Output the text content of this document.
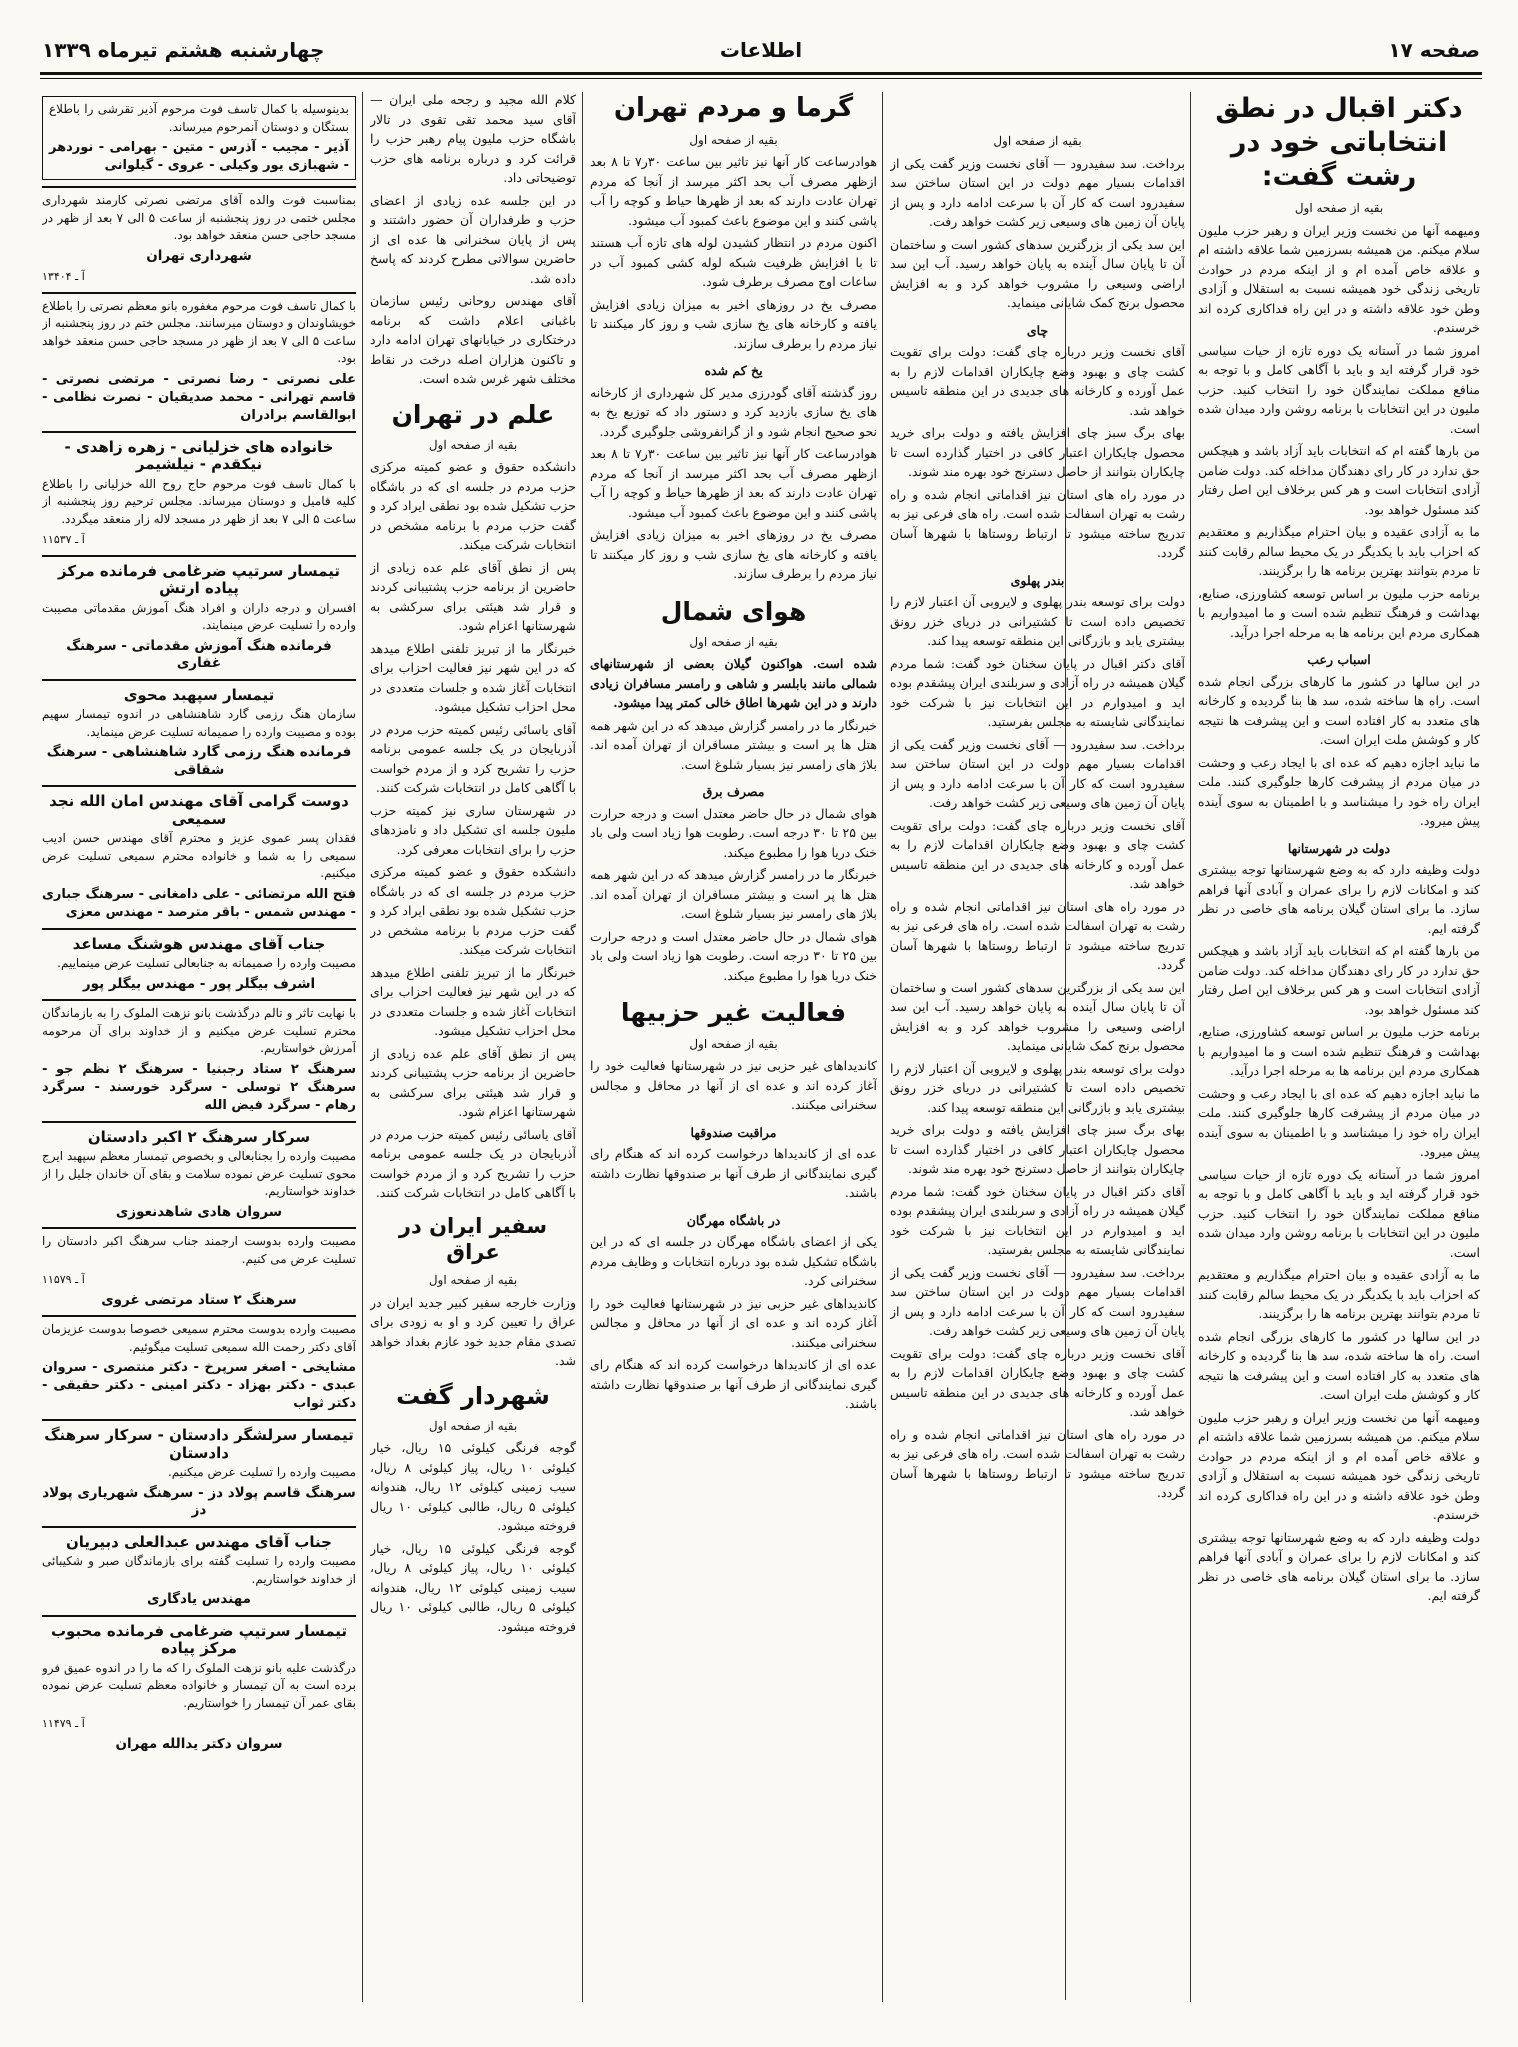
صفحه ۱۷
اطلاعات
چهارشنبه هشتم تیرماه ۱۳۳۹
دکتر اقبال در نطق انتخاباتی خود در رشت گفت:
بقیه از صفحه اول

ومیهمه آنها من نخست وزیر ایران و رهبر حزب ملیون سلام میکنم. من همیشه بسرزمین شما علاقه داشته ام و علاقه خاص آمده ام و از اینکه مردم در حوادث تاریخی زندگی خود همیشه نسبت به استقلال و آزادی وطن خود علاقه داشته و در این راه فداکاری کرده اند خرسندم.

امروز شما در آستانه یک دوره تازه از حیات سیاسی خود قرار گرفته اید و باید با آگاهی کامل و با توجه به منافع مملکت نمایندگان خود را انتخاب کنید. حزب ملیون در این انتخابات با برنامه روشن وارد میدان شده است.

من بارها گفته ام که انتخابات باید آزاد باشد و هیچکس حق ندارد در کار رای دهندگان مداخله کند. دولت ضامن آزادی انتخابات است و هر کس برخلاف این اصل رفتار کند مسئول خواهد بود.

ما به آزادی عقیده و بیان احترام میگذاریم و معتقدیم که احزاب باید با یکدیگر در یک محیط سالم رقابت کنند تا مردم بتوانند بهترین برنامه ها را برگزینند.

برنامه حزب ملیون بر اساس توسعه کشاورزی، صنایع، بهداشت و فرهنگ تنظیم شده است و ما امیدواریم با همکاری مردم این برنامه ها به مرحله اجرا درآید.

اسباب رعب

در این سالها در کشور ما کارهای بزرگی انجام شده است. راه ها ساخته شده، سد ها بنا گردیده و کارخانه های متعدد به کار افتاده است و این پیشرفت ها نتیجه کار و کوشش ملت ایران است.

ما نباید اجازه دهیم که عده ای با ایجاد رعب و وحشت در میان مردم از پیشرفت کارها جلوگیری کنند. ملت ایران راه خود را میشناسد و با اطمینان به سوی آینده پیش میرود.

دولت در شهرستانها

دولت وظیفه دارد که به وضع شهرستانها توجه بیشتری کند و امکانات لازم را برای عمران و آبادی آنها فراهم سازد. ما برای استان گیلان برنامه های خاصی در نظر گرفته ایم.

من بارها گفته ام که انتخابات باید آزاد باشد و هیچکس حق ندارد در کار رای دهندگان مداخله کند. دولت ضامن آزادی انتخابات است و هر کس برخلاف این اصل رفتار کند مسئول خواهد بود.

برنامه حزب ملیون بر اساس توسعه کشاورزی، صنایع، بهداشت و فرهنگ تنظیم شده است و ما امیدواریم با همکاری مردم این برنامه ها به مرحله اجرا درآید.

ما نباید اجازه دهیم که عده ای با ایجاد رعب و وحشت در میان مردم از پیشرفت کارها جلوگیری کنند. ملت ایران راه خود را میشناسد و با اطمینان به سوی آینده پیش میرود.

امروز شما در آستانه یک دوره تازه از حیات سیاسی خود قرار گرفته اید و باید با آگاهی کامل و با توجه به منافع مملکت نمایندگان خود را انتخاب کنید. حزب ملیون در این انتخابات با برنامه روشن وارد میدان شده است.

ما به آزادی عقیده و بیان احترام میگذاریم و معتقدیم که احزاب باید با یکدیگر در یک محیط سالم رقابت کنند تا مردم بتوانند بهترین برنامه ها را برگزینند.

در این سالها در کشور ما کارهای بزرگی انجام شده است. راه ها ساخته شده، سد ها بنا گردیده و کارخانه های متعدد به کار افتاده است و این پیشرفت ها نتیجه کار و کوشش ملت ایران است.

ومیهمه آنها من نخست وزیر ایران و رهبر حزب ملیون سلام میکنم. من همیشه بسرزمین شما علاقه داشته ام و علاقه خاص آمده ام و از اینکه مردم در حوادث تاریخی زندگی خود همیشه نسبت به استقلال و آزادی وطن خود علاقه داشته و در این راه فداکاری کرده اند خرسندم.

دولت وظیفه دارد که به وضع شهرستانها توجه بیشتری کند و امکانات لازم را برای عمران و آبادی آنها فراهم سازد. ما برای استان گیلان برنامه های خاصی در نظر گرفته ایم.

بقیه از صفحه اول

برداخت. سد سفیدرود — آقای نخست وزیر گفت یکی از اقدامات بسیار مهم دولت در این استان ساختن سد سفیدرود است که کار آن با سرعت ادامه دارد و پس از پایان آن زمین های وسیعی زیر کشت خواهد رفت.

این سد یکی از بزرگترین سدهای کشور است و ساختمان آن تا پایان سال آینده به پایان خواهد رسید. آب این سد اراضی وسیعی را مشروب خواهد کرد و به افزایش محصول برنج کمک شایانی مینماید.

چای

آقای نخست وزیر درباره چای گفت: دولت برای تقویت کشت چای و بهبود وضع چایکاران اقدامات لازم را به عمل آورده و کارخانه های جدیدی در این منطقه تاسیس خواهد شد.

بهای برگ سبز چای افزایش یافته و دولت برای خرید محصول چایکاران اعتبار کافی در اختیار گذارده است تا چایکاران بتوانند از حاصل دسترنج خود بهره مند شوند.

در مورد راه های استان نیز اقداماتی انجام شده و راه رشت به تهران اسفالت شده است. راه های فرعی نیز به تدریج ساخته میشود تا ارتباط روستاها با شهرها آسان گردد.

بندر پهلوی

دولت برای توسعه بندر پهلوی و لایروبی آن اعتبار لازم را تخصیص داده است تا کشتیرانی در دریای خزر رونق بیشتری یابد و بازرگانی این منطقه توسعه پیدا کند.

آقای دکتر اقبال در پایان سخنان خود گفت: شما مردم گیلان همیشه در راه آزادی و سربلندی ایران پیشقدم بوده اید و امیدوارم در این انتخابات نیز با شرکت خود نمایندگانی شایسته به مجلس بفرستید.

برداخت. سد سفیدرود — آقای نخست وزیر گفت یکی از اقدامات بسیار مهم دولت در این استان ساختن سد سفیدرود است که کار آن با سرعت ادامه دارد و پس از پایان آن زمین های وسیعی زیر کشت خواهد رفت.

آقای نخست وزیر درباره چای گفت: دولت برای تقویت کشت چای و بهبود وضع چایکاران اقدامات لازم را به عمل آورده و کارخانه های جدیدی در این منطقه تاسیس خواهد شد.

در مورد راه های استان نیز اقداماتی انجام شده و راه رشت به تهران اسفالت شده است. راه های فرعی نیز به تدریج ساخته میشود تا ارتباط روستاها با شهرها آسان گردد.

این سد یکی از بزرگترین سدهای کشور است و ساختمان آن تا پایان سال آینده به پایان خواهد رسید. آب این سد اراضی وسیعی را مشروب خواهد کرد و به افزایش محصول برنج کمک شایانی مینماید.

دولت برای توسعه بندر پهلوی و لایروبی آن اعتبار لازم را تخصیص داده است تا کشتیرانی در دریای خزر رونق بیشتری یابد و بازرگانی این منطقه توسعه پیدا کند.

بهای برگ سبز چای افزایش یافته و دولت برای خرید محصول چایکاران اعتبار کافی در اختیار گذارده است تا چایکاران بتوانند از حاصل دسترنج خود بهره مند شوند.

آقای دکتر اقبال در پایان سخنان خود گفت: شما مردم گیلان همیشه در راه آزادی و سربلندی ایران پیشقدم بوده اید و امیدوارم در این انتخابات نیز با شرکت خود نمایندگانی شایسته به مجلس بفرستید.

برداخت. سد سفیدرود — آقای نخست وزیر گفت یکی از اقدامات بسیار مهم دولت در این استان ساختن سد سفیدرود است که کار آن با سرعت ادامه دارد و پس از پایان آن زمین های وسیعی زیر کشت خواهد رفت.

آقای نخست وزیر درباره چای گفت: دولت برای تقویت کشت چای و بهبود وضع چایکاران اقدامات لازم را به عمل آورده و کارخانه های جدیدی در این منطقه تاسیس خواهد شد.

در مورد راه های استان نیز اقداماتی انجام شده و راه رشت به تهران اسفالت شده است. راه های فرعی نیز به تدریج ساخته میشود تا ارتباط روستاها با شهرها آسان گردد.

گرما و مردم تهران
بقیه از صفحه اول

هوادرساعت کار آنها نیز تاثیر بین ساعت ۳۰ر۷ تا ۸ بعد ازظهر مصرف آب بحد اکثر میرسد از آنجا که مردم تهران عادت دارند که بعد از ظهرها حیاط و کوچه را آب پاشی کنند و این موضوع باعث کمبود آب میشود.

اکنون مردم در انتظار کشیدن لوله های تازه آب هستند تا با افزایش ظرفیت شبکه لوله کشی کمبود آب در ساعات اوج مصرف برطرف شود.

مصرف یخ در روزهای اخیر به میزان زیادی افزایش یافته و کارخانه های یخ سازی شب و روز کار میکنند تا نیاز مردم را برطرف سازند.

یخ کم شده

روز گذشته آقای گودرزی مدیر کل شهرداری از کارخانه های یخ سازی بازدید کرد و دستور داد که توزیع یخ به نحو صحیح انجام شود و از گرانفروشی جلوگیری گردد.

هوادرساعت کار آنها نیز تاثیر بین ساعت ۳۰ر۷ تا ۸ بعد ازظهر مصرف آب بحد اکثر میرسد از آنجا که مردم تهران عادت دارند که بعد از ظهرها حیاط و کوچه را آب پاشی کنند و این موضوع باعث کمبود آب میشود.

مصرف یخ در روزهای اخیر به میزان زیادی افزایش یافته و کارخانه های یخ سازی شب و روز کار میکنند تا نیاز مردم را برطرف سازند.

هوای شمال
بقیه از صفحه اول

شده است. هواکنون گیلان بعضی از شهرستانهای شمالی مانند بابلسر و شاهی و رامسر مسافران زیادی دارند و در این شهرها اطاق خالی کمتر پیدا میشود.

خبرنگار ما در رامسر گزارش میدهد که در این شهر همه هتل ها پر است و بیشتر مسافران از تهران آمده اند. بلاژ های رامسر نیز بسیار شلوغ است.

مصرف برق

هوای شمال در حال حاضر معتدل است و درجه حرارت بین ۲۵ تا ۳۰ درجه است. رطوبت هوا زیاد است ولی باد خنک دریا هوا را مطبوع میکند.

خبرنگار ما در رامسر گزارش میدهد که در این شهر همه هتل ها پر است و بیشتر مسافران از تهران آمده اند. بلاژ های رامسر نیز بسیار شلوغ است.

هوای شمال در حال حاضر معتدل است و درجه حرارت بین ۲۵ تا ۳۰ درجه است. رطوبت هوا زیاد است ولی باد خنک دریا هوا را مطبوع میکند.

فعالیت غیر حزبیها
بقیه از صفحه اول

کاندیداهای غیر حزبی نیز در شهرستانها فعالیت خود را آغاز کرده اند و عده ای از آنها در محافل و مجالس سخنرانی میکنند.

مراقبت صندوقها

عده ای از کاندیداها درخواست کرده اند که هنگام رای گیری نمایندگانی از طرف آنها بر صندوقها نظارت داشته باشند.

در باشگاه مهرگان

یکی از اعضای باشگاه مهرگان در جلسه ای که در این باشگاه تشکیل شده بود درباره انتخابات و وظایف مردم سخنرانی کرد.

کاندیداهای غیر حزبی نیز در شهرستانها فعالیت خود را آغاز کرده اند و عده ای از آنها در محافل و مجالس سخنرانی میکنند.

عده ای از کاندیداها درخواست کرده اند که هنگام رای گیری نمایندگانی از طرف آنها بر صندوقها نظارت داشته باشند.

کلام الله مجید و رجحه ملی ایران — آقای سید محمد تقی تقوی در تالار باشگاه حزب ملیون پیام رهبر حزب را قرائت کرد و درباره برنامه های حزب توضیحاتی داد.

در این جلسه عده زیادی از اعضای حزب و طرفداران آن حضور داشتند و پس از پایان سخنرانی ها عده ای از حاضرین سوالاتی مطرح کردند که پاسخ داده شد.

آقای مهندس روحانی رئیس سازمان باغبانی اعلام داشت که برنامه درختکاری در خیابانهای تهران ادامه دارد و تاکنون هزاران اصله درخت در نقاط مختلف شهر غرس شده است.

علم در تهران
بقیه از صفحه اول

دانشکده حقوق و عضو کمیته مرکزی حزب مردم در جلسه ای که در باشگاه حزب تشکیل شده بود نطقی ایراد کرد و گفت حزب مردم با برنامه مشخص در انتخابات شرکت میکند.

پس از نطق آقای علم عده زیادی از حاضرین از برنامه حزب پشتیبانی کردند و قرار شد هیئتی برای سرکشی به شهرستانها اعزام شود.

خبرنگار ما از تبریز تلفنی اطلاع میدهد که در این شهر نیز فعالیت احزاب برای انتخابات آغاز شده و جلسات متعددی در محل احزاب تشکیل میشود.

آقای یاسائی رئیس کمیته حزب مردم در آذربایجان در یک جلسه عمومی برنامه حزب را تشریح کرد و از مردم خواست با آگاهی کامل در انتخابات شرکت کنند.

در شهرستان ساری نیز کمیته حزب ملیون جلسه ای تشکیل داد و نامزدهای حزب را برای انتخابات معرفی کرد.

دانشکده حقوق و عضو کمیته مرکزی حزب مردم در جلسه ای که در باشگاه حزب تشکیل شده بود نطقی ایراد کرد و گفت حزب مردم با برنامه مشخص در انتخابات شرکت میکند.

خبرنگار ما از تبریز تلفنی اطلاع میدهد که در این شهر نیز فعالیت احزاب برای انتخابات آغاز شده و جلسات متعددی در محل احزاب تشکیل میشود.

پس از نطق آقای علم عده زیادی از حاضرین از برنامه حزب پشتیبانی کردند و قرار شد هیئتی برای سرکشی به شهرستانها اعزام شود.

آقای یاسائی رئیس کمیته حزب مردم در آذربایجان در یک جلسه عمومی برنامه حزب را تشریح کرد و از مردم خواست با آگاهی کامل در انتخابات شرکت کنند.

سفیر ایران در عراق
بقیه از صفحه اول

وزارت خارجه سفیر کبیر جدید ایران در عراق را تعیین کرد و او به زودی برای تصدی مقام جدید خود عازم بغداد خواهد شد.

شهردار گفت
بقیه از صفحه اول

گوجه فرنگی کیلوئی ۱۵ ریال، خیار کیلوئی ۱۰ ریال، پیاز کیلوئی ۸ ریال، سیب زمینی کیلوئی ۱۲ ریال، هندوانه کیلوئی ۵ ریال، طالبی کیلوئی ۱۰ ریال فروخته میشود.

گوجه فرنگی کیلوئی ۱۵ ریال، خیار کیلوئی ۱۰ ریال، پیاز کیلوئی ۸ ریال، سیب زمینی کیلوئی ۱۲ ریال، هندوانه کیلوئی ۵ ریال، طالبی کیلوئی ۱۰ ریال فروخته میشود.

بدینوسیله با کمال تاسف فوت مرحوم آذیر تقرشی را باطلاع بستگان و دوستان آنمرحوم میرساند.

آذیر - مجیب - آذرس - متین - بهرامی - نوردهر - شهبازی یور وکیلی - عروی - گیلوانی

بمناسبت فوت والده آقای مرتضی نصرتی کارمند شهرداری مجلس ختمی در روز پنجشنبه از ساعت ۵ الی ۷ بعد از ظهر در مسجد حاجی حسن منعقد خواهد بود.

شهرداری تهران
آ ـ ۱۳۴۰۴

با کمال تاسف فوت مرحوم مغفوره بانو معظم نصرتی را باطلاع خویشاوندان و دوستان میرسانند. مجلس ختم در روز پنجشنبه از ساعت ۵ الی ۷ بعد از ظهر در مسجد حاجی حسن منعقد خواهد بود.

علی نصرتی - رضا نصرتی - مرتضی نصرتی - قاسم تهرانی - محمد صدیقیان - نصرت نظامی - ابوالقاسم برادران
خانواده های خزلیانی - زهره زاهدی - نیکقدم - نیلشیمر

با کمال تاسف فوت مرحوم حاج روح الله خزلیانی را باطلاع کلیه فامیل و دوستان میرساند. مجلس ترحیم روز پنجشنبه از ساعت ۵ الی ۷ بعد از ظهر در مسجد لاله زار منعقد میگردد.

آ ـ ۱۱۵۳۷
تیمسار سرتیپ ضرغامی فرمانده مرکز پیاده ارتش

افسران و درجه داران و افراد هنگ آموزش مقدماتی مصیبت وارده را تسلیت عرض مینمایند.

فرمانده هنگ آموزش مقدماتی - سرهنگ غفاری
تیمسار سپهبد محوی

سازمان هنگ رزمی گارد شاهنشاهی در اندوه تیمسار سهیم بوده و مصیبت وارده را صمیمانه تسلیت عرض مینماید.

فرمانده هنگ رزمی گارد شاهنشاهی - سرهنگ شقاقی
دوست گرامی آقای مهندس امان الله نجد سمیعی

فقدان پسر عموی عزیز و محترم آقای مهندس حسن ادیب سمیعی را به شما و خانواده محترم سمیعی تسلیت عرض میکنیم.

فتح الله مرتضائی - علی دامغانی - سرهنگ جباری - مهندس شمس - باقر مترصد - مهندس معزی
جناب آقای مهندس هوشنگ مساعد

مصیبت وارده را صمیمانه به جنابعالی تسلیت عرض مینماییم.

اشرف بیگلر پور - مهندس بیگلر پور

با نهایت تاثر و تالم درگذشت بانو نزهت الملوک را به بازماندگان محترم تسلیت عرض میکنیم و از خداوند برای آن مرحومه آمرزش خواستاریم.

سرهنگ ۲ ستاد رجبنیا - سرهنگ ۲ نظم جو - سرهنگ ۲ توسلی - سرگرد خورسند - سرگرد رهام - سرگرد فیض الله
سرکار سرهنگ ۲ اکبر دادستان

مصیبت وارده را بجنابعالی و بخصوص تیمسار معظم سپهبد ایرج محوی تسلیت عرض نموده سلامت و بقای آن خاندان جلیل را از خداوند خواستاریم.

سروان هادی شاهدنعوزی

مصیبت وارده بدوست ارجمند جناب سرهنگ اکبر دادستان را تسلیت عرض می کنیم.

آ ـ ۱۱۵۷۹
سرهنگ ۲ ستاد مرتضی غروی

مصیبت وارده بدوست محترم سمیعی خصوصا بدوست عزیزمان آقای دکتر رحمت الله سمیعی تسلیت میگوئیم.

مشایخی - اصغر سرپرخ - دکتر منتصری - سروان عبدی - دکتر بهزاد - دکتر امینی - دکتر حقیقی - دکتر ثواب
تیمسار سرلشگر دادستان - سرکار سرهنگ دادستان

مصیبت وارده را تسلیت عرض میکنیم.

سرهنگ قاسم پولاد دز - سرهنگ شهریاری پولاد دز
جناب آقای مهندس عبدالعلی دبیریان

مصیبت وارده را تسلیت گفته برای بازماندگان صبر و شکیبائی از خداوند خواستاریم.

مهندس یادگاری
تیمسار سرتیپ ضرغامی فرمانده محبوب مرکز پیاده

درگذشت علیه بانو نزهت الملوک را که ما را در اندوه عمیق فرو برده است به آن تیمسار و خانواده معظم تسلیت عرض نموده بقای عمر آن تیمسار را خواستاریم.

آ ـ ۱۱۴۷۹
سروان دکتر یدالله مهران
